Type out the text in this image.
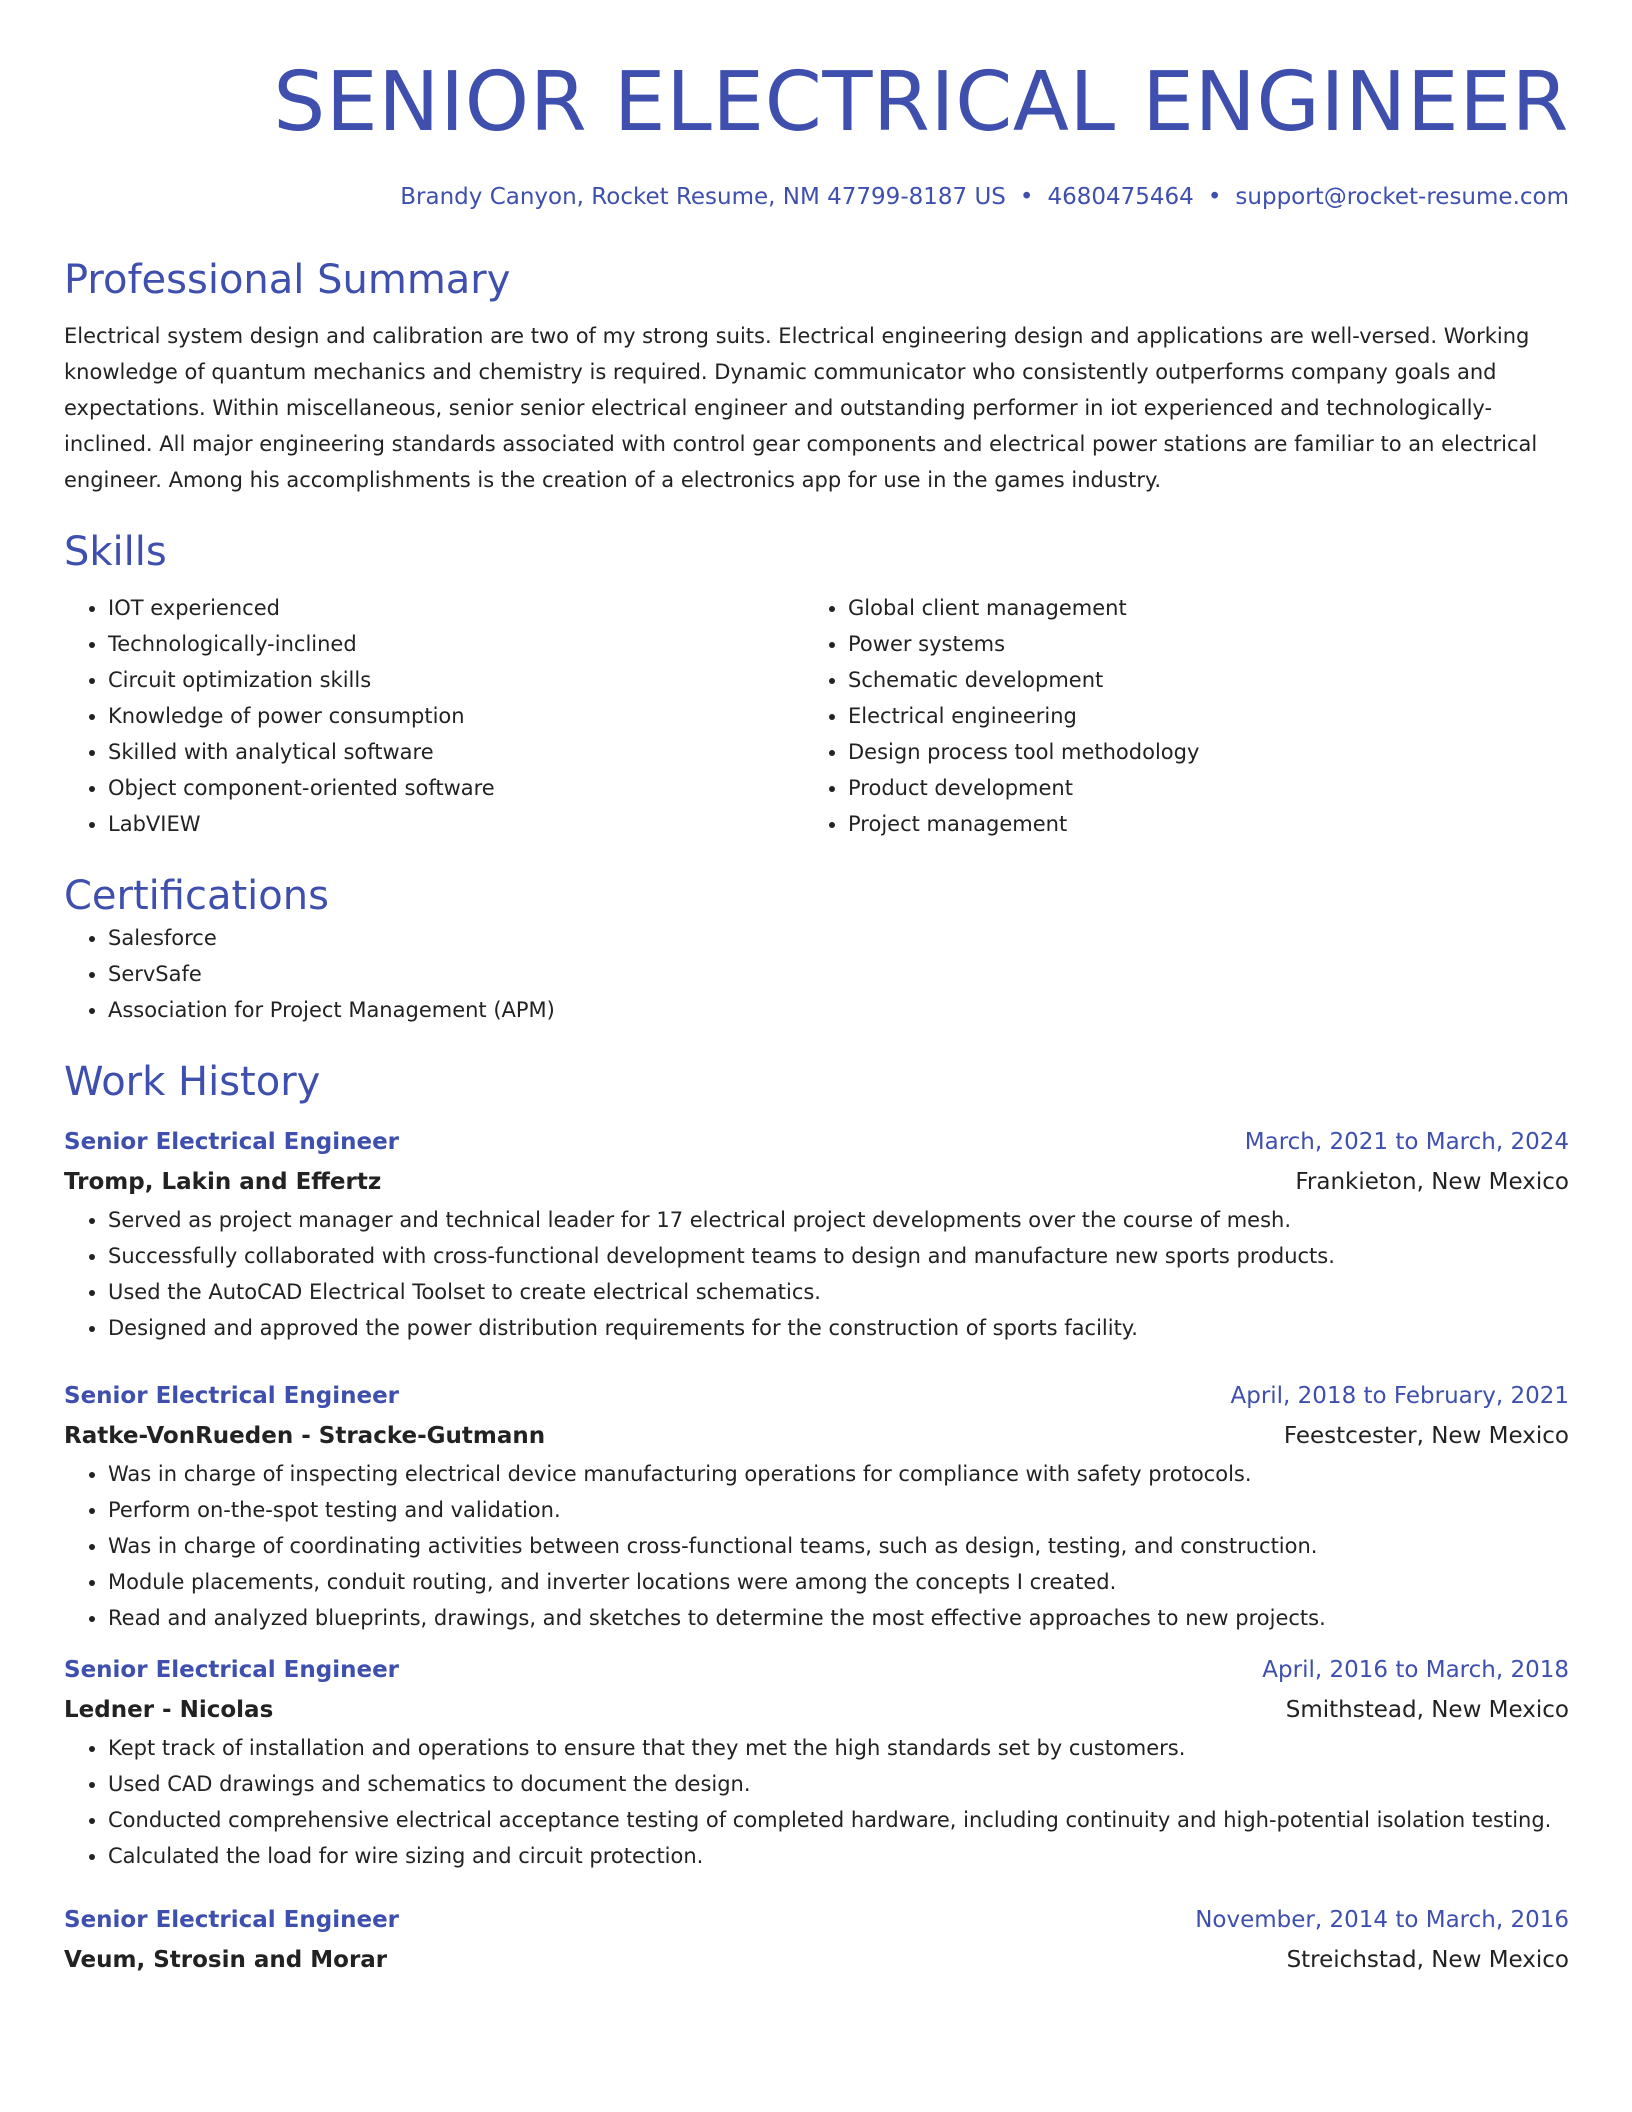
SENIOR ELECTRICAL ENGINEER
Brandy Canyon, Rocket Resume, NM 47799-8187 US • 4680475464 • support@rocket-resume.com
Professional Summary

Electrical system design and calibration are two of my strong suits. Electrical engineering design and applications are well-versed. Working knowledge of quantum mechanics and chemistry is required. Dynamic communicator who consistently outperforms company goals and expectations. Within miscellaneous, senior senior electrical engineer and outstanding performer in iot experienced and technologically-inclined. All major engineering standards associated with control gear components and electrical power stations are familiar to an electrical engineer. Among his accomplishments is the creation of a electronics app for use in the games industry.

Skills
• IOT experienced
• Technologically-inclined
• Circuit optimization skills
• Knowledge of power consumption
• Skilled with analytical software
• Object component-oriented software
• LabVIEW
• Global client management
• Power systems
• Schematic development
• Electrical engineering
• Design process tool methodology
• Product development
• Project management
Certifications
• Salesforce
• ServSafe
• Association for Project Management (APM)
Work History
Senior Electrical Engineer	March, 2021 to March, 2024
Tromp, Lakin and Effertz	Frankieton, New Mexico
• Served as project manager and technical leader for 17 electrical project developments over the course of mesh.
• Successfully collaborated with cross-functional development teams to design and manufacture new sports products.
• Used the AutoCAD Electrical Toolset to create electrical schematics.
• Designed and approved the power distribution requirements for the construction of sports facility.
Senior Electrical Engineer	April, 2018 to February, 2021
Ratke-VonRueden - Stracke-Gutmann	Feestcester, New Mexico
• Was in charge of inspecting electrical device manufacturing operations for compliance with safety protocols.
• Perform on-the-spot testing and validation.
• Was in charge of coordinating activities between cross-functional teams, such as design, testing, and construction.
• Module placements, conduit routing, and inverter locations were among the concepts I created.
• Read and analyzed blueprints, drawings, and sketches to determine the most effective approaches to new projects.
Senior Electrical Engineer	April, 2016 to March, 2018
Ledner - Nicolas	Smithstead, New Mexico
• Kept track of installation and operations to ensure that they met the high standards set by customers.
• Used CAD drawings and schematics to document the design.
• Conducted comprehensive electrical acceptance testing of completed hardware, including continuity and high-potential isolation testing.
• Calculated the load for wire sizing and circuit protection.
Senior Electrical Engineer	November, 2014 to March, 2016
Veum, Strosin and Morar	Streichstad, New Mexico
